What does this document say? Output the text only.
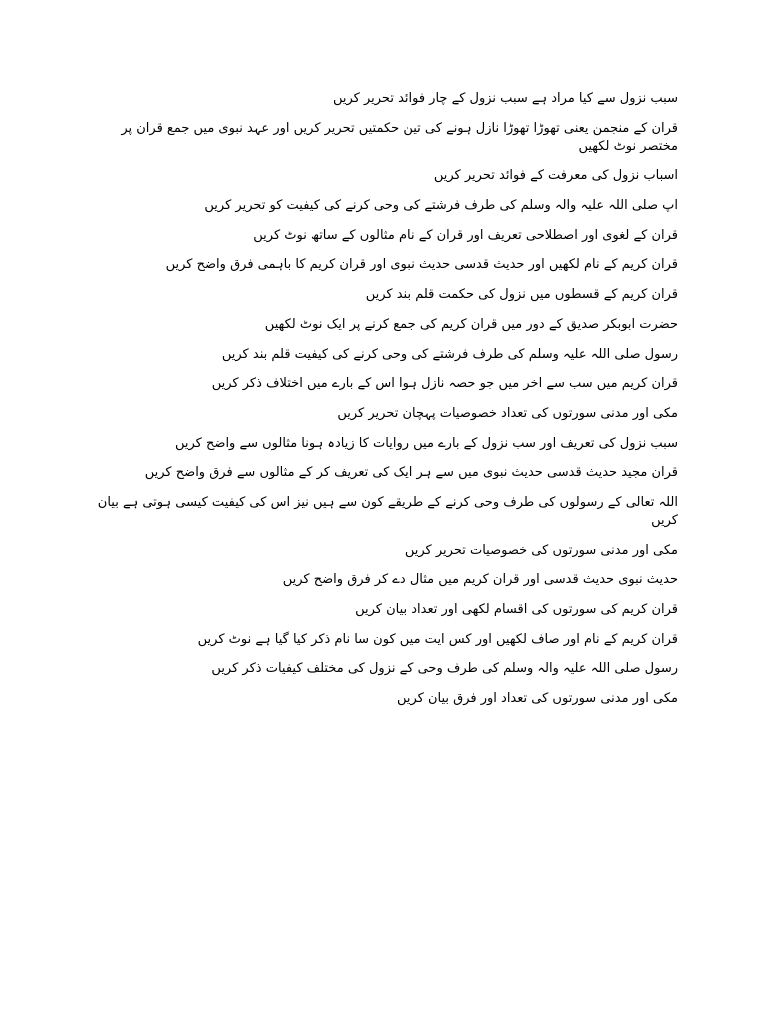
سبب نزول سے کیا مراد ہے سبب نزول کے چار فوائد تحریر کریں

قران کے منجمن یعنی تھوڑا تھوڑا نازل ہونے کی تین حکمتیں تحریر کریں اور عہد نبوی میں جمع قران پر مختصر نوٹ لکھیں

اسباب نزول کی معرفت کے فوائد تحریر کریں

اپ صلی اللہ علیہ والہ وسلم کی طرف فرشتے کی وحی کرنے کی کیفیت کو تحریر کریں

قران کے لغوی اور اصطلاحی تعریف اور قران کے نام مثالوں کے ساتھ نوٹ کریں

قران کریم کے نام لکھیں اور حدیث قدسی حدیث نبوی اور قران کریم کا باہمی فرق واضح کریں

قران کریم کے قسطوں میں نزول کی حکمت قلم بند کریں

حضرت ابوبکر صدیق کے دور میں قران کریم کی جمع کرنے پر ایک نوٹ لکھیں

رسول صلی اللہ علیہ وسلم کی طرف فرشتے کی وحی کرنے کی کیفیت قلم بند کریں

قران کریم میں سب سے اخر میں جو حصہ نازل ہوا اس کے بارے میں اختلاف ذکر کریں

مکی اور مدنی سورتوں کی تعداد خصوصیات پہچان تحریر کریں

سبب نزول کی تعریف اور سب نزول کے بارے میں روایات کا زیادہ ہونا مثالوں سے واضح کریں

قران مجید حدیث قدسی حدیث نبوی میں سے ہر ایک کی تعریف کر کے مثالوں سے فرق واضح کریں

اللہ تعالی کے رسولوں کی طرف وحی کرنے کے طریقے کون سے ہیں نیز اس کی کیفیت کیسی ہوتی ہے بیان کریں

مکی اور مدنی سورتوں کی خصوصیات تحریر کریں

حدیث نبوی حدیث قدسی اور قران کریم میں مثال دے کر فرق واضح کریں

قران کریم کی سورتوں کی اقسام لکھی اور تعداد بیان کریں

قران کریم کے نام اور صاف لکھیں اور کس ایت میں کون سا نام ذکر کیا گیا ہے نوٹ کریں

رسول صلی اللہ علیہ والہ وسلم کی طرف وحی کے نزول کی مختلف کیفیات ذکر کریں

مکی اور مدنی سورتوں کی تعداد اور فرق بیان کریں
